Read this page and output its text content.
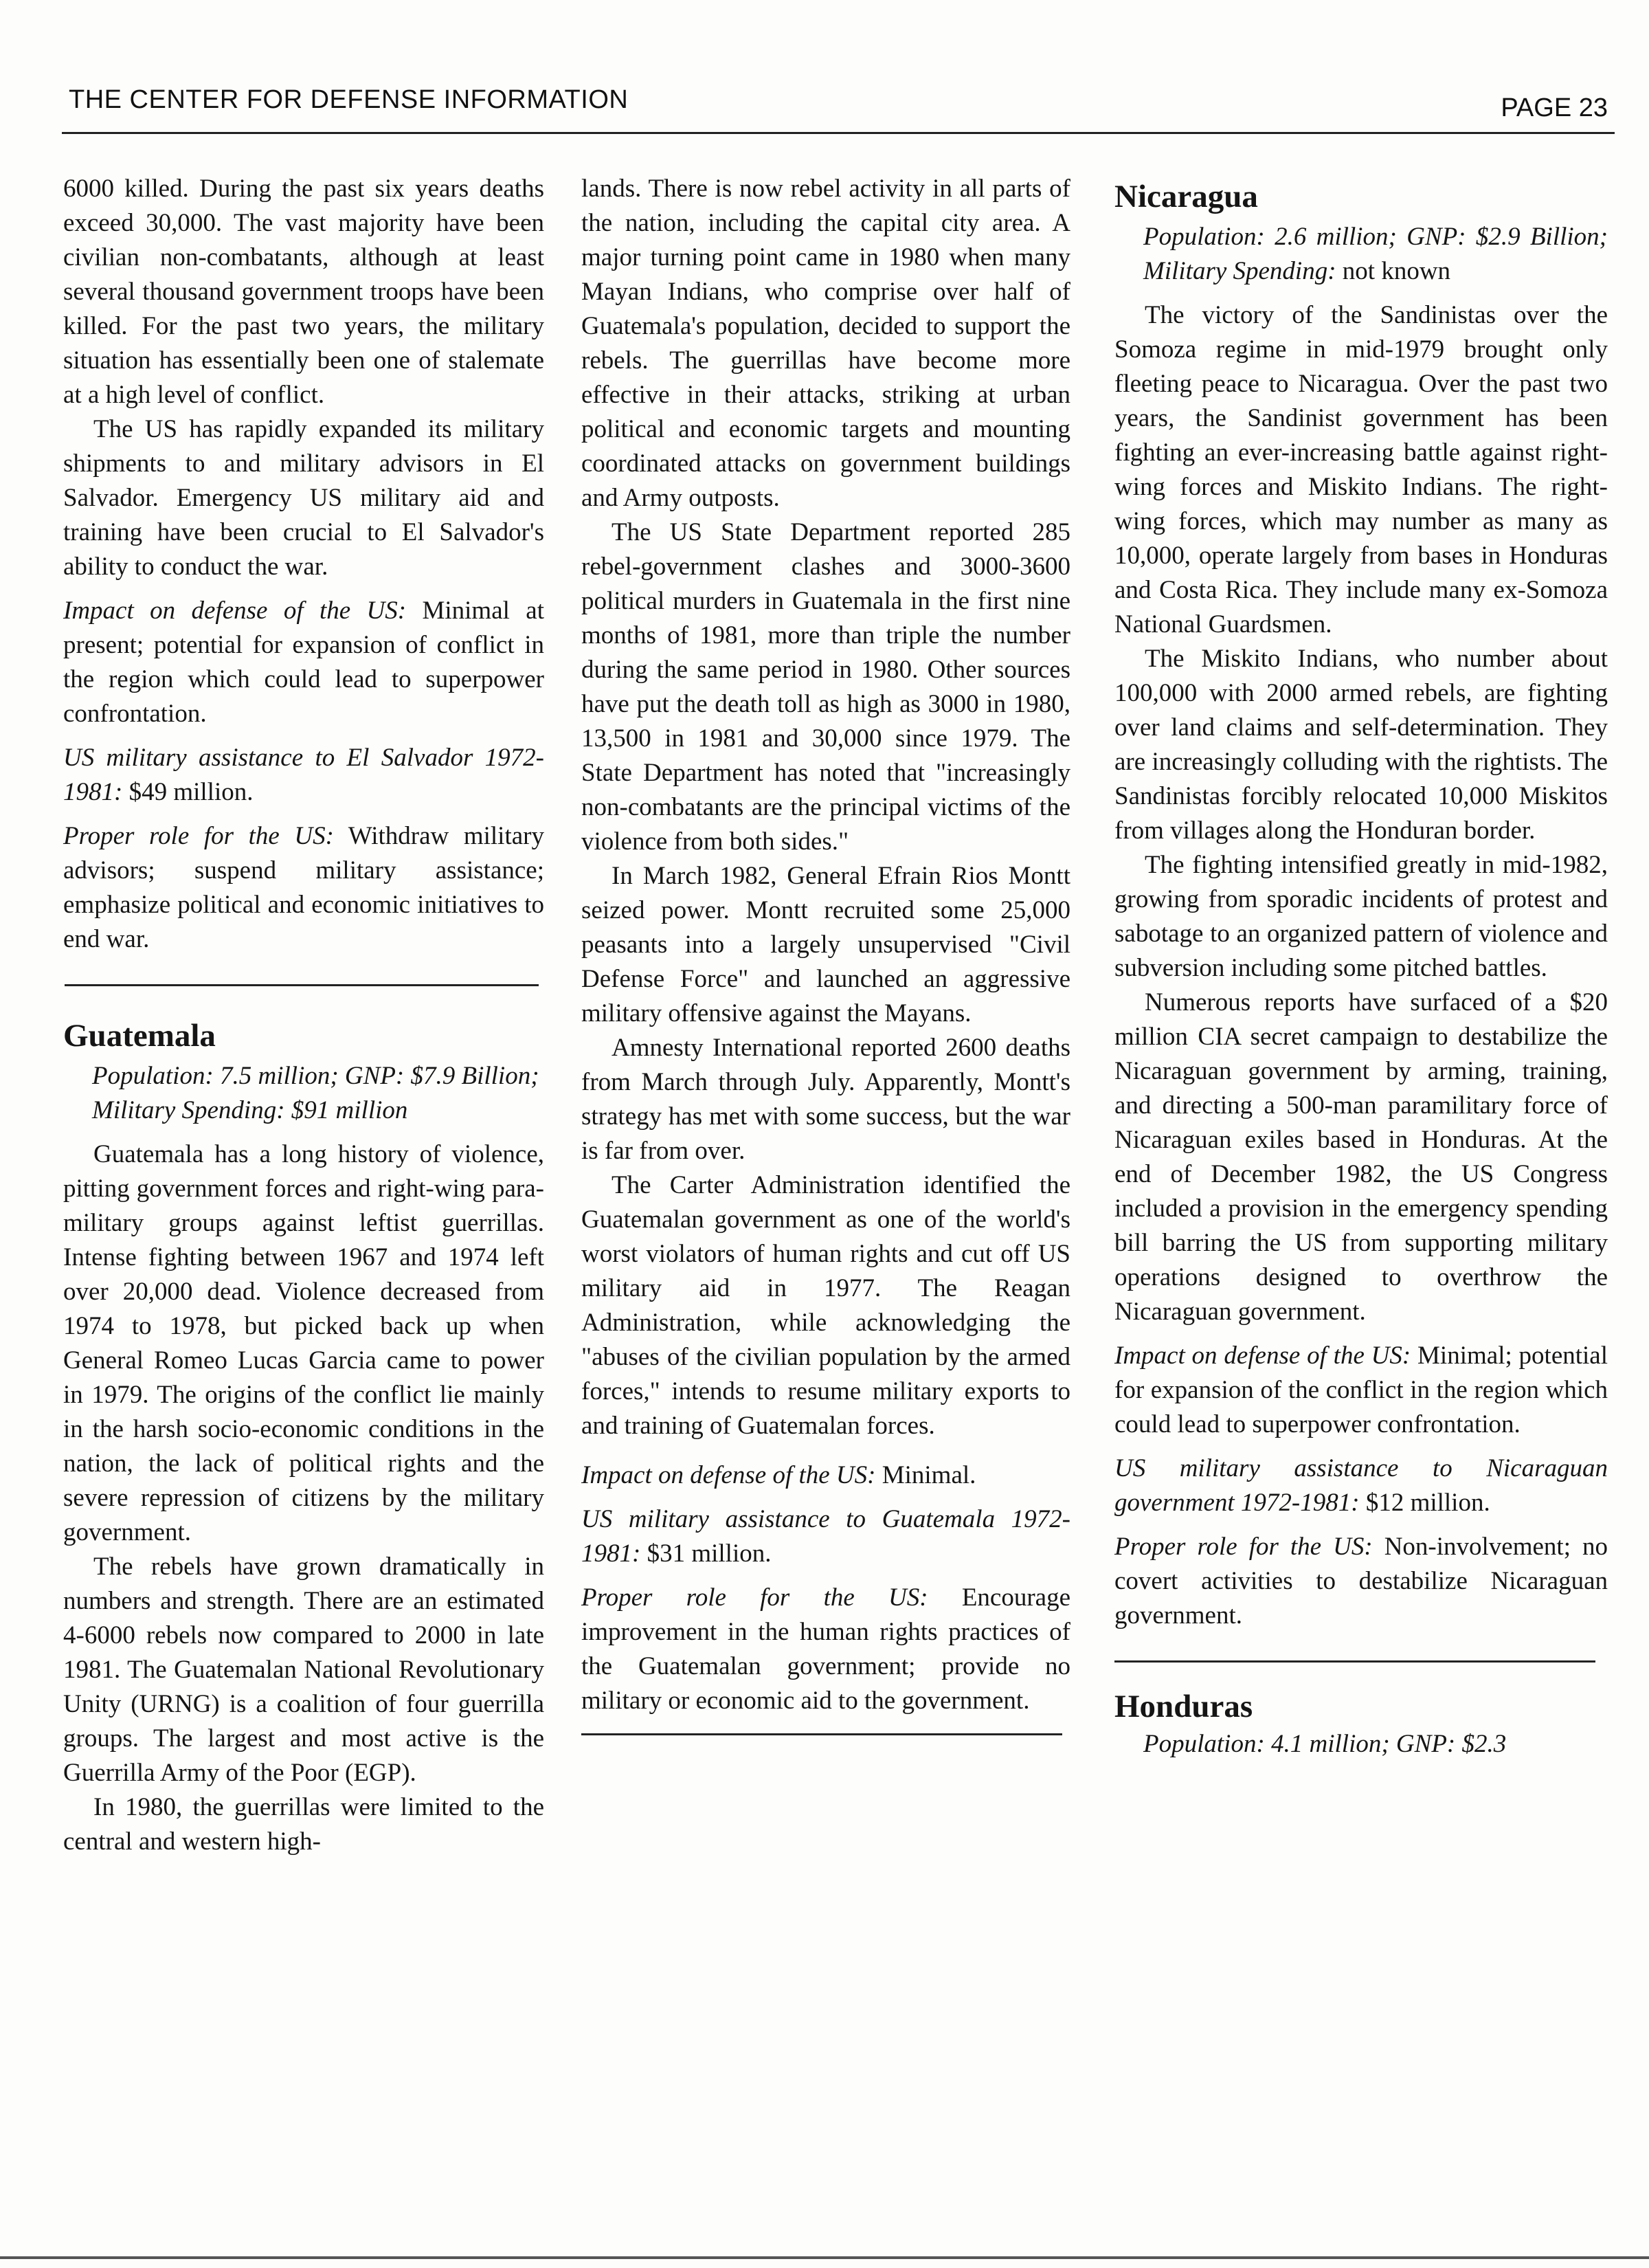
THE CENTER FOR DEFENSE INFORMATION	PAGE 23

6000 killed. During the past six years deaths exceed 30,000. The vast majority have been civilian non-combatants, although at least several thousand government troops have been killed. For the past two years, the military situation has essentially been one of stalemate at a high level of conflict.

The US has rapidly expanded its military shipments to and military advisors in El Salvador. Emergency US military aid and training have been crucial to El Salvador's ability to conduct the war.

Impact on defense of the US: Minimal at present; potential for expansion of conflict in the region which could lead to superpower confrontation.

US military assistance to El Salvador 1972-1981: $49 million.

Proper role for the US: Withdraw military advisors; suspend military assistance; emphasize political and economic initiatives to end war.

Guatemala

Population: 7.5 million; GNP: $7.9 Billion; Military Spending: $91 million

Guatemala has a long history of violence, pitting government forces and right-wing para-military groups against leftist guerrillas. Intense fighting between 1967 and 1974 left over 20,000 dead. Violence decreased from 1974 to 1978, but picked back up when General Romeo Lucas Garcia came to power in 1979. The origins of the conflict lie mainly in the harsh socio-economic conditions in the nation, the lack of political rights and the severe repression of citizens by the military government.

The rebels have grown dramatically in numbers and strength. There are an estimated 4-6000 rebels now compared to 2000 in late 1981. The Guatemalan National Revolutionary Unity (URNG) is a coalition of four guerrilla groups. The largest and most active is the Guerrilla Army of the Poor (EGP).

In 1980, the guerrillas were limited to the central and western high-

lands. There is now rebel activity in all parts of the nation, including the capital city area. A major turning point came in 1980 when many Mayan Indians, who comprise over half of Guatemala's population, decided to support the rebels. The guerrillas have become more effective in their attacks, striking at urban political and economic targets and mounting coordinated attacks on government buildings and Army outposts.

The US State Department reported 285 rebel-government clashes and 3000-3600 political murders in Guatemala in the first nine months of 1981, more than triple the number during the same period in 1980. Other sources have put the death toll as high as 3000 in 1980, 13,500 in 1981 and 30,000 since 1979. The State Department has noted that "increasingly non-combatants are the principal victims of the violence from both sides."

In March 1982, General Efrain Rios Montt seized power. Montt recruited some 25,000 peasants into a largely unsupervised "Civil Defense Force" and launched an aggressive military offensive against the Mayans.

Amnesty International reported 2600 deaths from March through July. Apparently, Montt's strategy has met with some success, but the war is far from over.

The Carter Administration identified the Guatemalan government as one of the world's worst violators of human rights and cut off US military aid in 1977. The Reagan Administration, while acknowledging the "abuses of the civilian population by the armed forces," intends to resume military exports to and training of Guatemalan forces.

Impact on defense of the US: Minimal.

US military assistance to Guatemala 1972-1981: $31 million.

Proper role for the US: Encourage improvement in the human rights practices of the Guatemalan government; provide no military or economic aid to the government.

Nicaragua

Population: 2.6 million; GNP: $2.9 Billion; Military Spending: not known

The victory of the Sandinistas over the Somoza regime in mid-1979 brought only fleeting peace to Nicaragua. Over the past two years, the Sandinist government has been fighting an ever-increasing battle against right-wing forces and Miskito Indians. The right-wing forces, which may number as many as 10,000, operate largely from bases in Honduras and Costa Rica. They include many ex-Somoza National Guardsmen.

The Miskito Indians, who number about 100,000 with 2000 armed rebels, are fighting over land claims and self-determination. They are increasingly colluding with the rightists. The Sandinistas forcibly relocated 10,000 Miskitos from villages along the Honduran border.

The fighting intensified greatly in mid-1982, growing from sporadic incidents of protest and sabotage to an organized pattern of violence and subversion including some pitched battles.

Numerous reports have surfaced of a $20 million CIA secret campaign to destabilize the Nicaraguan government by arming, training, and directing a 500-man paramilitary force of Nicaraguan exiles based in Honduras. At the end of December 1982, the US Congress included a provision in the emergency spending bill barring the US from supporting military operations designed to overthrow the Nicaraguan government.

Impact on defense of the US: Minimal; potential for expansion of the conflict in the region which could lead to superpower confrontation.

US military assistance to Nicaraguan government 1972-1981: $12 million.

Proper role for the US: Non-involvement; no covert activities to destabilize Nicaraguan government.

Honduras

Population: 4.1 million; GNP: $2.3
